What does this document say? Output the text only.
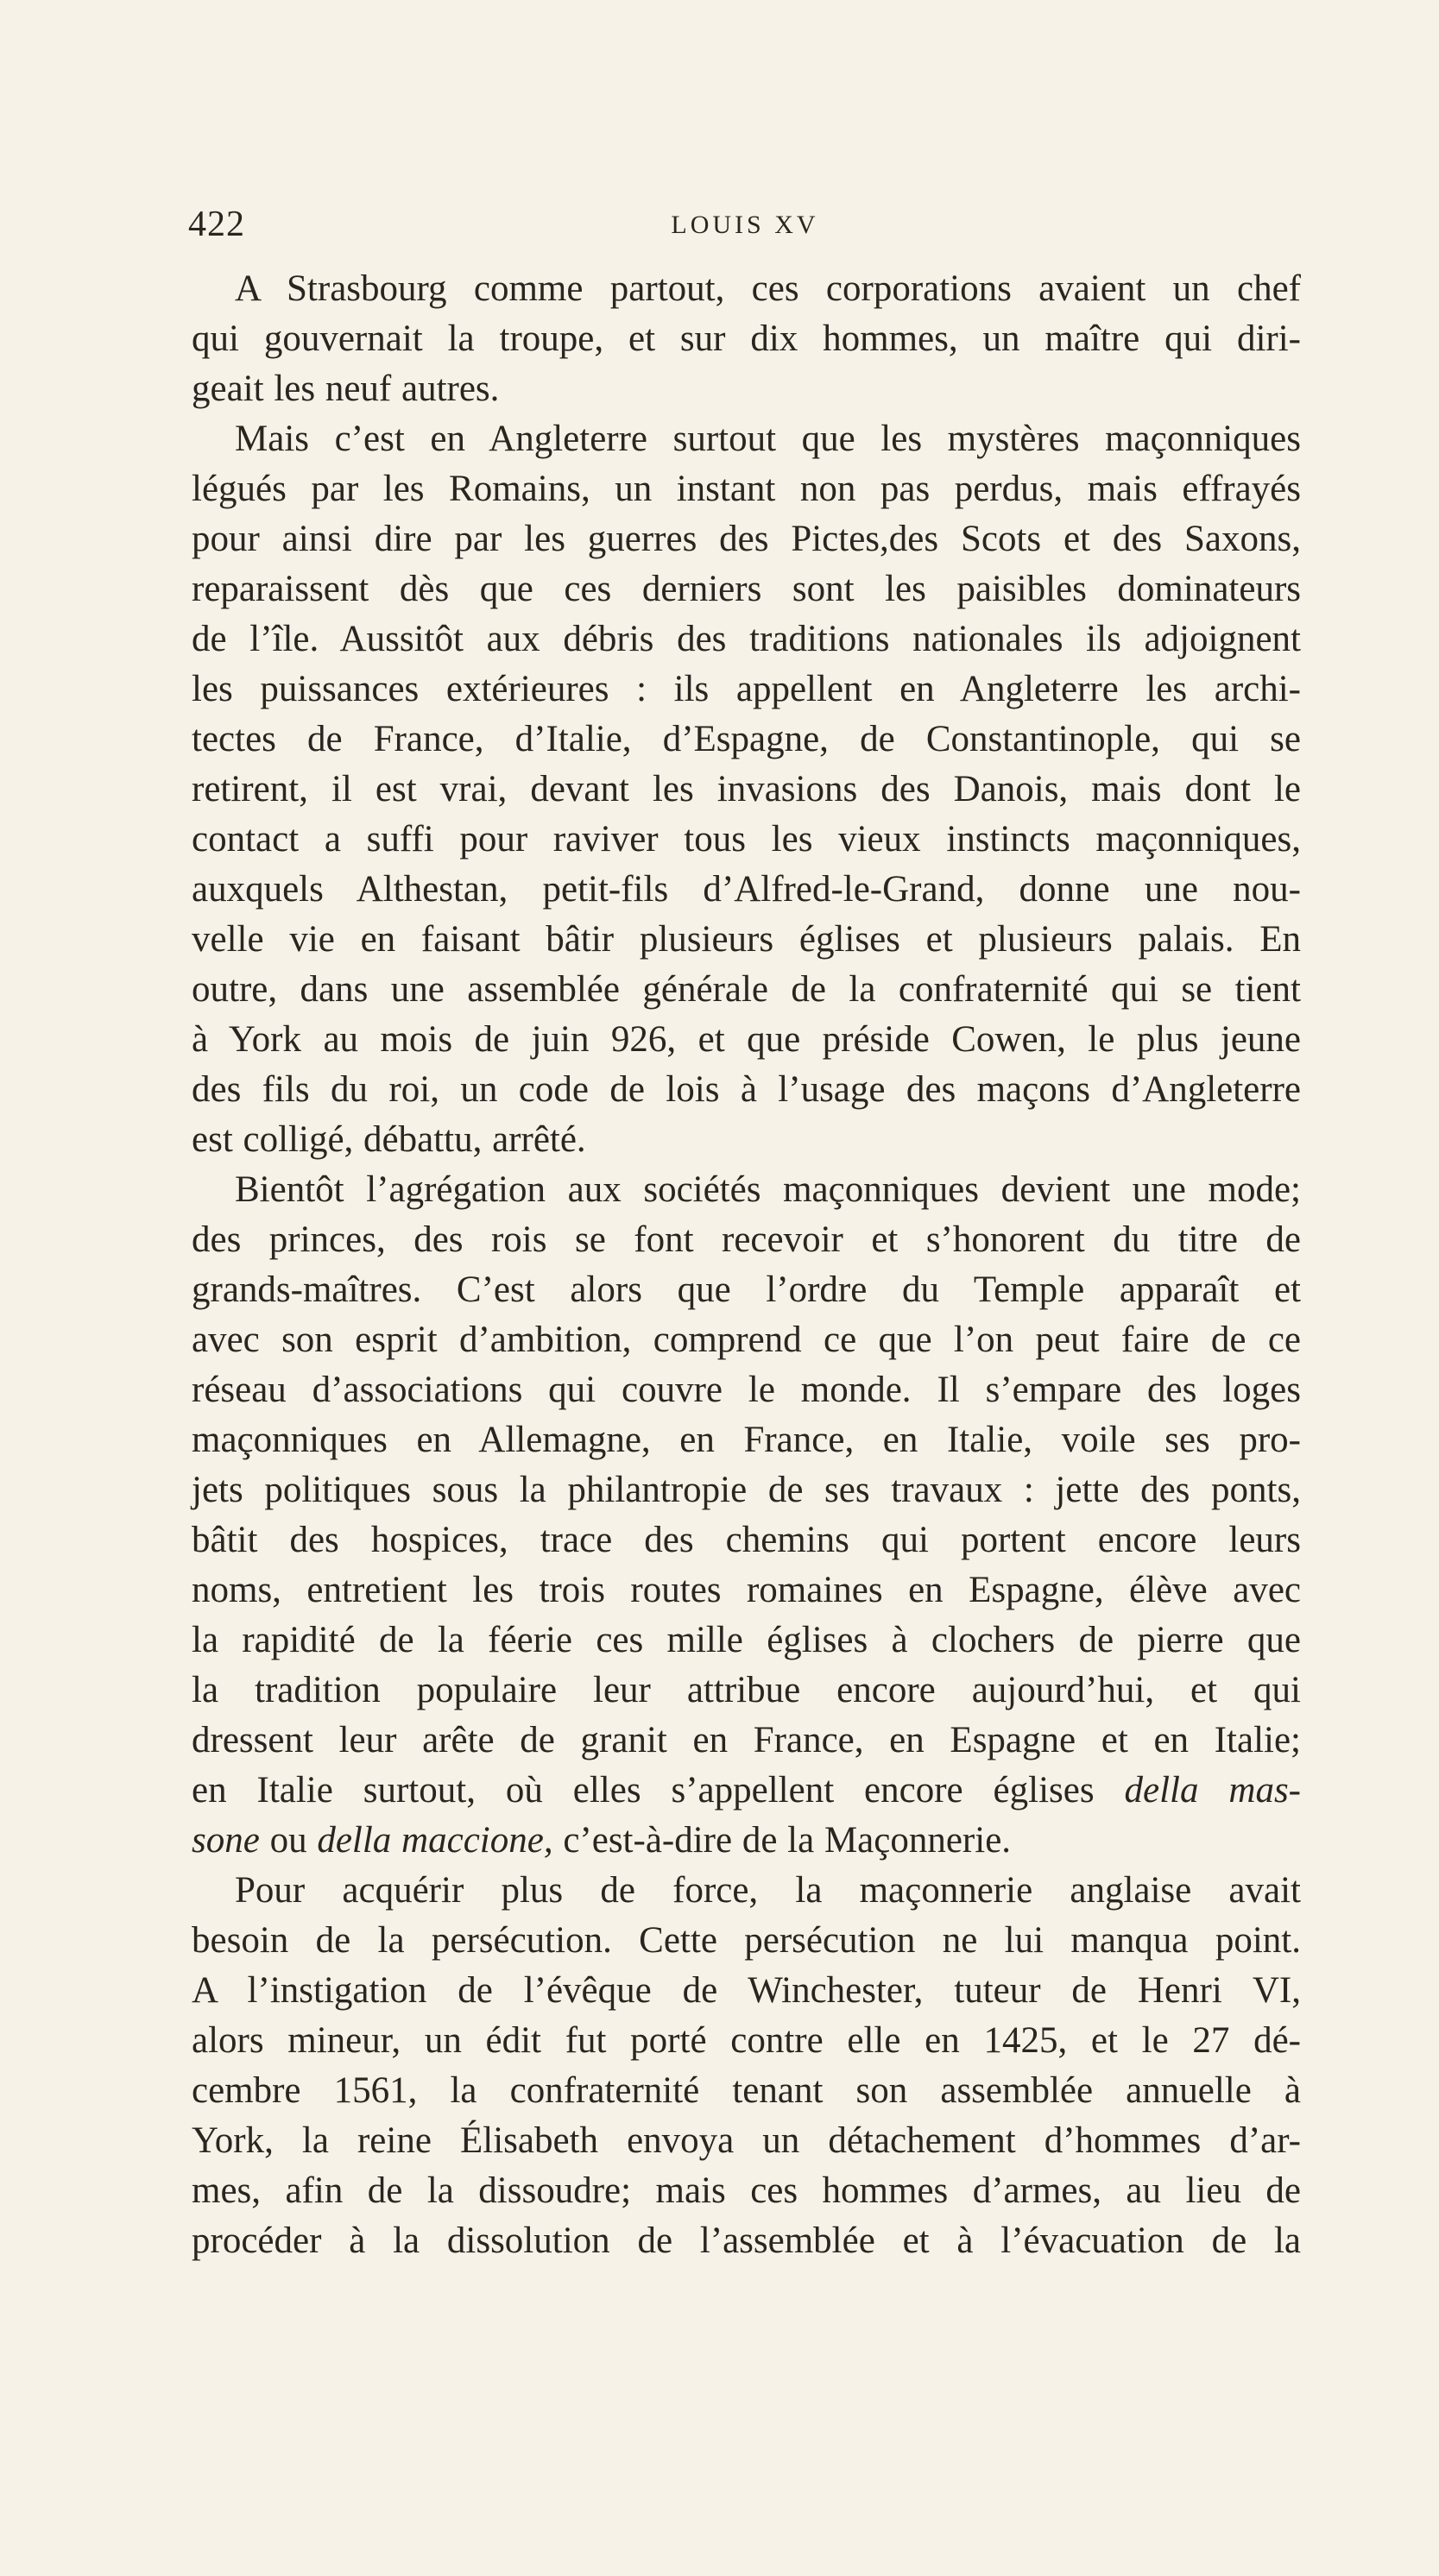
422	LOUIS XV
A Strasbourg comme partout, ces corporations avaient un chef
qui gouvernait la troupe, et sur dix hommes, un maître qui diri-
geait les neuf autres.
Mais c’est en Angleterre surtout que les mystères maçonniques
légués par les Romains, un instant non pas perdus, mais effrayés
pour ainsi dire par les guerres des Pictes,des Scots et des Saxons,
reparaissent dès que ces derniers sont les paisibles dominateurs
de l’île. Aussitôt aux débris des traditions nationales ils adjoignent
les puissances extérieures : ils appellent en Angleterre les archi-
tectes de France, d’Italie, d’Espagne, de Constantinople, qui se
retirent, il est vrai, devant les invasions des Danois, mais dont le
contact a suffi pour raviver tous les vieux instincts maçonniques,
auxquels Althestan, petit-fils d’Alfred-le-Grand, donne une nou-
velle vie en faisant bâtir plusieurs églises et plusieurs palais. En
outre, dans une assemblée générale de la confraternité qui se tient
à York au mois de juin 926, et que préside Cowen, le plus jeune
des fils du roi, un code de lois à l’usage des maçons d’Angleterre
est colligé, débattu, arrêté.
Bientôt l’agrégation aux sociétés maçonniques devient une mode;
des princes, des rois se font recevoir et s’honorent du titre de
grands-maîtres. C’est alors que l’ordre du Temple apparaît et
avec son esprit d’ambition, comprend ce que l’on peut faire de ce
réseau d’associations qui couvre le monde. Il s’empare des loges
maçonniques en Allemagne, en France, en Italie, voile ses pro-
jets politiques sous la philantropie de ses travaux : jette des ponts,
bâtit des hospices, trace des chemins qui portent encore leurs
noms, entretient les trois routes romaines en Espagne, élève avec
la rapidité de la féerie ces mille églises à clochers de pierre que
la tradition populaire leur attribue encore aujourd’hui, et qui
dressent leur arête de granit en France, en Espagne et en Italie;
en Italie surtout, où elles s’appellent encore églises della mas-
sone ou della maccione, c’est-à-dire de la Maçonnerie.
Pour acquérir plus de force, la maçonnerie anglaise avait
besoin de la persécution. Cette persécution ne lui manqua point.
A l’instigation de l’évêque de Winchester, tuteur de Henri VI,
alors mineur, un édit fut porté contre elle en 1425, et le 27 dé-
cembre 1561, la confraternité tenant son assemblée annuelle à
York, la reine Élisabeth envoya un détachement d’hommes d’ar-
mes, afin de la dissoudre; mais ces hommes d’armes, au lieu de
procéder à la dissolution de l’assemblée et à l’évacuation de la
